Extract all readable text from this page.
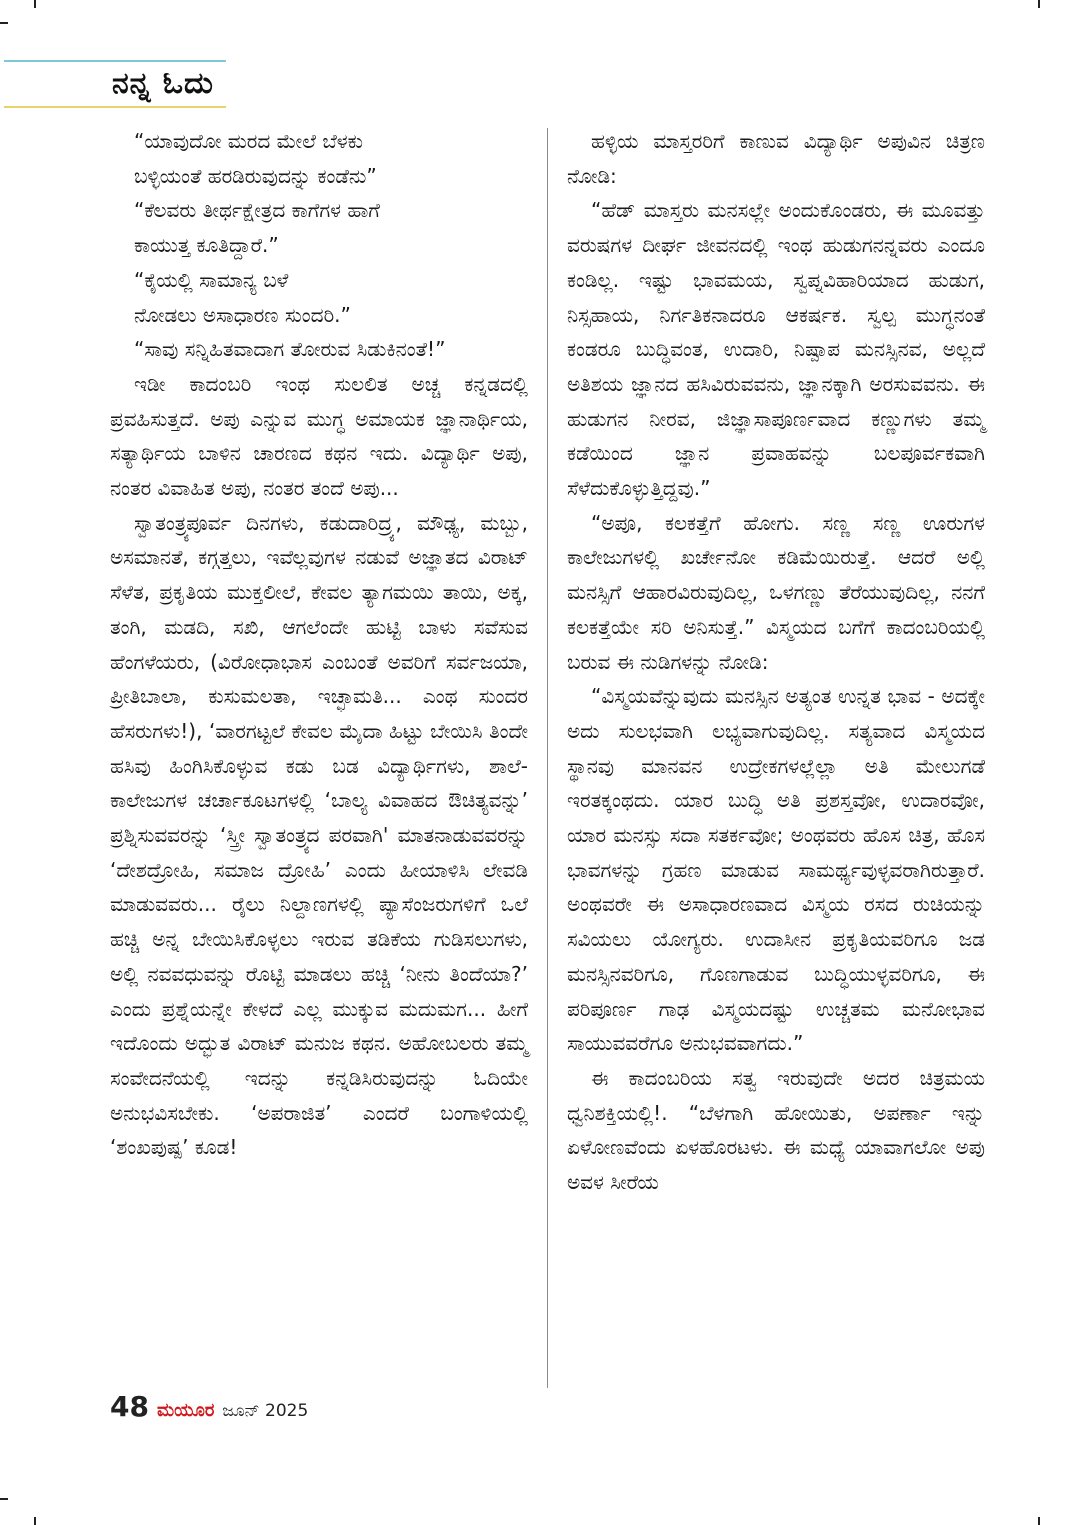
ನನ್ನ ಓದು

“ಯಾವುದೋ ಮರದ ಮೇಲೆ ಬೆಳಕು

ಬಳ್ಳಿಯಂತೆ ಹರಡಿರುವುದನ್ನು ಕಂಡೆನು”

“ಕೆಲವರು ತೀರ್ಥಕ್ಷೇತ್ರದ ಕಾಗೆಗಳ ಹಾಗೆ

ಕಾಯುತ್ತ ಕೂತಿದ್ದಾರೆ.”

“ಕೈಯಲ್ಲಿ ಸಾಮಾನ್ಯ ಬಳೆ

ನೋಡಲು ಅಸಾಧಾರಣ ಸುಂದರಿ.”

“ಸಾವು ಸನ್ನಿಹಿತವಾದಾಗ ತೋರುವ ಸಿಡುಕಿನಂತೆ!”

ಇಡೀ ಕಾದಂಬರಿ ಇಂಥ ಸುಲಲಿತ ಅಚ್ಚ ಕನ್ನಡದಲ್ಲಿ ಪ್ರವಹಿಸುತ್ತದೆ. ಅಪು ಎನ್ನುವ ಮುಗ್ಧ ಅಮಾಯಕ ಜ್ಞಾನಾರ್ಥಿಯ, ಸತ್ಯಾರ್ಥಿಯ ಬಾಳಿನ ಚಾರಣದ ಕಥನ ಇದು. ವಿದ್ಯಾರ್ಥಿ ಅಪು, ನಂತರ ವಿವಾಹಿತ ಅಪು, ನಂತರ ತಂದೆ ಅಪು...

ಸ್ವಾತಂತ್ರ್ಯಪೂರ್ವ ದಿನಗಳು, ಕಡುದಾರಿದ್ರ್ಯ, ಮೌಢ್ಯ, ಮಬ್ಬು, ಅಸಮಾನತೆ, ಕಗ್ಗತ್ತಲು, ಇವೆಲ್ಲವುಗಳ ನಡುವೆ ಅಜ್ಞಾತದ ವಿರಾಟ್ ಸೆಳೆತ, ಪ್ರಕೃತಿಯ ಮುಕ್ತಲೀಲೆ, ಕೇವಲ ತ್ಯಾಗಮಯಿ ತಾಯಿ, ಅಕ್ಕ, ತಂಗಿ, ಮಡದಿ, ಸಖಿ, ಆಗಲೆಂದೇ ಹುಟ್ಟಿ ಬಾಳು ಸವೆಸುವ ಹೆಂಗಳೆಯರು, (ವಿರೋಧಾಭಾಸ ಎಂಬಂತೆ ಅವರಿಗೆ ಸರ್ವಜಯಾ, ಪ್ರೀತಿಬಾಲಾ, ಕುಸುಮಲತಾ, ಇಚ್ಛಾಮತಿ... ಎಂಥ ಸುಂದರ ಹೆಸರುಗಳು!), ‘ವಾರಗಟ್ಟಲೆ ಕೇವಲ ಮೈದಾ ಹಿಟ್ಟು ಬೇಯಿಸಿ ತಿಂದೇ ಹಸಿವು ಹಿಂಗಿಸಿಕೊಳ್ಳುವ ಕಡು ಬಡ ವಿದ್ಯಾರ್ಥಿಗಳು, ಶಾಲೆ-ಕಾಲೇಜುಗಳ ಚರ್ಚಾಕೂಟಗಳಲ್ಲಿ ‘ಬಾಲ್ಯ ವಿವಾಹದ ಔಚಿತ್ಯವನ್ನು’ ಪ್ರಶ್ನಿಸುವವರನ್ನು ‘ಸ್ತ್ರೀ ಸ್ವಾತಂತ್ರ್ಯದ ಪರವಾಗಿ' ಮಾತನಾಡುವವರನ್ನು ‘ದೇಶದ್ರೋಹಿ, ಸಮಾಜ ದ್ರೋಹಿ’ ಎಂದು ಹೀಯಾಳಿಸಿ ಲೇವಡಿ ಮಾಡುವವರು... ರೈಲು ನಿಲ್ದಾಣಗಳಲ್ಲಿ ಪ್ಯಾಸೆಂಜರುಗಳಿಗೆ ಒಲೆ ಹಚ್ಚಿ ಅನ್ನ ಬೇಯಿಸಿಕೊಳ್ಳಲು ಇರುವ ತಡಿಕೆಯ ಗುಡಿಸಲುಗಳು, ಅಲ್ಲಿ ನವವಧುವನ್ನು ರೊಟ್ಟಿ ಮಾಡಲು ಹಚ್ಚಿ ‘ನೀನು ತಿಂದೆಯಾ?’ ಎಂದು ಪ್ರಶ್ನೆಯನ್ನೇ ಕೇಳದೆ ಎಲ್ಲ ಮುಕ್ಕುವ ಮದುಮಗ... ಹೀಗೆ ಇದೊಂದು ಅದ್ಭುತ ವಿರಾಟ್ ಮನುಜ ಕಥನ. ಅಹೋಬಲರು ತಮ್ಮ ಸಂವೇದನೆಯಲ್ಲಿ ಇದನ್ನು ಕನ್ನಡಿಸಿರುವುದನ್ನು ಓದಿಯೇ ಅನುಭವಿಸಬೇಕು. ‘ಅಪರಾಜಿತ’ ಎಂದರೆ ಬಂಗಾಳಿಯಲ್ಲಿ ‘ಶಂಖಪುಷ್ಪ’ ಕೂಡ!

ಹಳ್ಳಿಯ ಮಾಸ್ತರರಿಗೆ ಕಾಣುವ ವಿದ್ಯಾರ್ಥಿ ಅಪುವಿನ ಚಿತ್ರಣ ನೋಡಿ:

“ಹೆಡ್ ಮಾಸ್ತರು ಮನಸಲ್ಲೇ ಅಂದುಕೊಂಡರು, ಈ ಮೂವತ್ತು ವರುಷಗಳ ದೀರ್ಘ ಜೀವನದಲ್ಲಿ ಇಂಥ ಹುಡುಗನನ್ನವರು ಎಂದೂ ಕಂಡಿಲ್ಲ. ಇಷ್ಟು ಭಾವಮಯ, ಸ್ವಪ್ನವಿಹಾರಿಯಾದ ಹುಡುಗ, ನಿಸ್ಸಹಾಯ, ನಿರ್ಗತಿಕನಾದರೂ ಆಕರ್ಷಕ. ಸ್ವಲ್ಪ ಮುಗ್ಧನಂತೆ ಕಂಡರೂ ಬುದ್ಧಿವಂತ, ಉದಾರಿ, ನಿಷ್ಪಾಪ ಮನಸ್ಸಿನವ, ಅಲ್ಲದೆ ಅತಿಶಯ ಜ್ಞಾನದ ಹಸಿವಿರುವವನು, ಜ್ಞಾನಕ್ಕಾಗಿ ಅರಸುವವನು. ಈ ಹುಡುಗನ ನೀರವ, ಜಿಜ್ಞಾಸಾಪೂರ್ಣವಾದ ಕಣ್ಣುಗಳು ತಮ್ಮ ಕಡೆಯಿಂದ ಜ್ಞಾನ ಪ್ರವಾಹವನ್ನು ಬಲಪೂರ್ವಕವಾಗಿ ಸೆಳೆದುಕೊಳ್ಳುತ್ತಿದ್ದವು.”

“ಅಪೂ, ಕಲಕತ್ತೆಗೆ ಹೋಗು. ಸಣ್ಣ ಸಣ್ಣ ಊರುಗಳ ಕಾಲೇಜುಗಳಲ್ಲಿ ಖರ್ಚೇನೋ ಕಡಿಮೆಯಿರುತ್ತೆ. ಆದರೆ ಅಲ್ಲಿ ಮನಸ್ಸಿಗೆ ಆಹಾರವಿರುವುದಿಲ್ಲ, ಒಳಗಣ್ಣು ತೆರೆಯುವುದಿಲ್ಲ, ನನಗೆ ಕಲಕತ್ತೆಯೇ ಸರಿ ಅನಿಸುತ್ತೆ.” ವಿಸ್ಮಯದ ಬಗೆಗೆ ಕಾದಂಬರಿಯಲ್ಲಿ ಬರುವ ಈ ನುಡಿಗಳನ್ನು ನೋಡಿ:

“ವಿಸ್ಮಯವೆನ್ನುವುದು ಮನಸ್ಸಿನ ಅತ್ಯಂತ ಉನ್ನತ ಭಾವ - ಅದಕ್ಕೇ ಅದು ಸುಲಭವಾಗಿ ಲಭ್ಯವಾಗುವುದಿಲ್ಲ. ಸತ್ಯವಾದ ವಿಸ್ಮಯದ ಸ್ಥಾನವು ಮಾನವನ ಉದ್ರೇಕಗಳಲ್ಲೆಲ್ಲಾ ಅತಿ ಮೇಲುಗಡೆ ಇರತಕ್ಕಂಥದು. ಯಾರ ಬುದ್ಧಿ ಅತಿ ಪ್ರಶಸ್ತವೋ, ಉದಾರವೋ, ಯಾರ ಮನಸ್ಸು ಸದಾ ಸತರ್ಕವೋ; ಅಂಥವರು ಹೊಸ ಚಿತ್ರ, ಹೊಸ ಭಾವಗಳನ್ನು ಗ್ರಹಣ ಮಾಡುವ ಸಾಮರ್ಥ್ಯವುಳ್ಳವರಾಗಿರುತ್ತಾರೆ. ಅಂಥವರೇ ಈ ಅಸಾಧಾರಣವಾದ ವಿಸ್ಮಯ ರಸದ ರುಚಿಯನ್ನು ಸವಿಯಲು ಯೋಗ್ಯರು. ಉದಾಸೀನ ಪ್ರಕೃತಿಯವರಿಗೂ ಜಡ ಮನಸ್ಸಿನವರಿಗೂ, ಗೊಣಗಾಡುವ ಬುದ್ಧಿಯುಳ್ಳವರಿಗೂ, ಈ ಪರಿಪೂರ್ಣ ಗಾಢ ವಿಸ್ಮಯದಷ್ಟು ಉಚ್ಚತಮ ಮನೋಭಾವ ಸಾಯುವವರೆಗೂ ಅನುಭವವಾಗದು.”

ಈ ಕಾದಂಬರಿಯ ಸತ್ವ ಇರುವುದೇ ಅದರ ಚಿತ್ರಮಯ ಧ್ವನಿಶಕ್ತಿಯಲ್ಲಿ!. “ಬೆಳಗಾಗಿ ಹೋಯಿತು, ಅಪರ್ಣಾ ಇನ್ನು ಏಳೋಣವೆಂದು ಏಳಹೊರಟಳು. ಈ ಮಧ್ಯೆ ಯಾವಾಗಲೋ ಅಪು ಅವಳ ಸೀರೆಯ

48 ಮಯೂರ ಜೂನ್ 2025
